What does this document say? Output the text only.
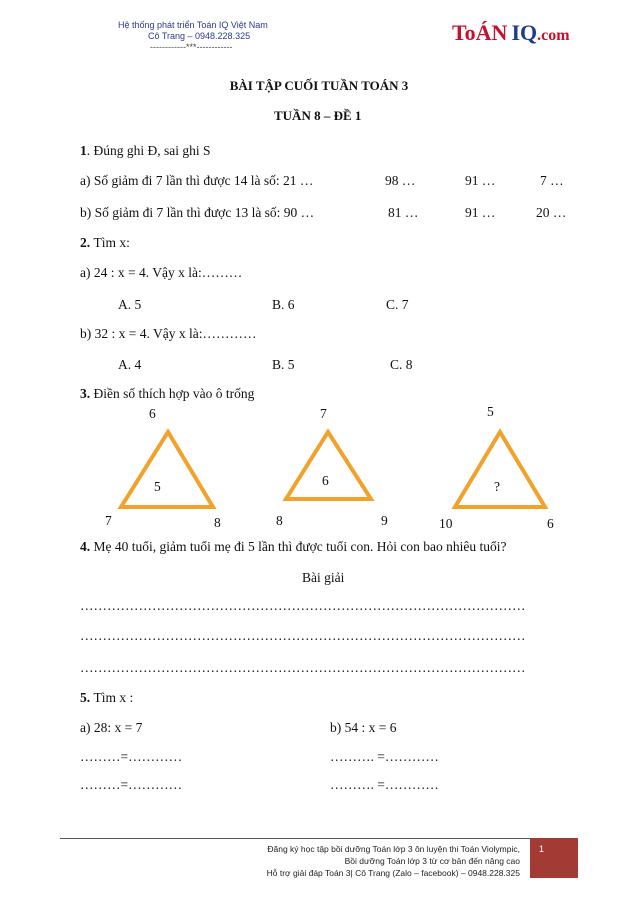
Hệ thống phát triển Toán IQ Việt Nam
Cô Trang – 0948.228.325
------------***------------
ToÁN IQ.com
BÀI TẬP CUỐI TUẦN TOÁN 3
TUẦN 8 – ĐỀ 1
1. Đúng ghi Đ, sai ghi S
a) Số giảm đi 7 lần thì được 14 là số: 21 …	98 …	91 …	7 …
b) Số giảm đi 7 lần thì được 13 là số: 90 …	81 …	91 …	20 …
2. Tìm x:
a) 24 : x = 4. Vậy x là:………
A. 5	B. 6	C. 7
b) 32 : x = 4. Vậy x là:…………
A. 4	B. 5	C. 8
3. Điền số thích hợp vào ô trống
6
7	8
5
7
8	9
6
5
10	6
?
4. Mẹ 40 tuổi, giảm tuổi mẹ đi 5 lần thì được tuổi con. Hỏi con bao nhiêu tuổi?
Bài giải
………………………………………………………………………………………
………………………………………………………………………………………
………………………………………………………………………………………
5. Tìm x :
a) 28: x = 7	b) 54 : x = 6
………=…………	………. =…………
………=…………	………. =…………
Đăng ký học tập bồi dưỡng Toán lớp 3 ôn luyện thi Toán Violympic,
Bồi dưỡng Toán lớp 3 từ cơ bản đến nâng cao
Hỗ trợ giải đáp Toán 3| Cô Trang (Zalo – facebook) – 0948.228.325
1
